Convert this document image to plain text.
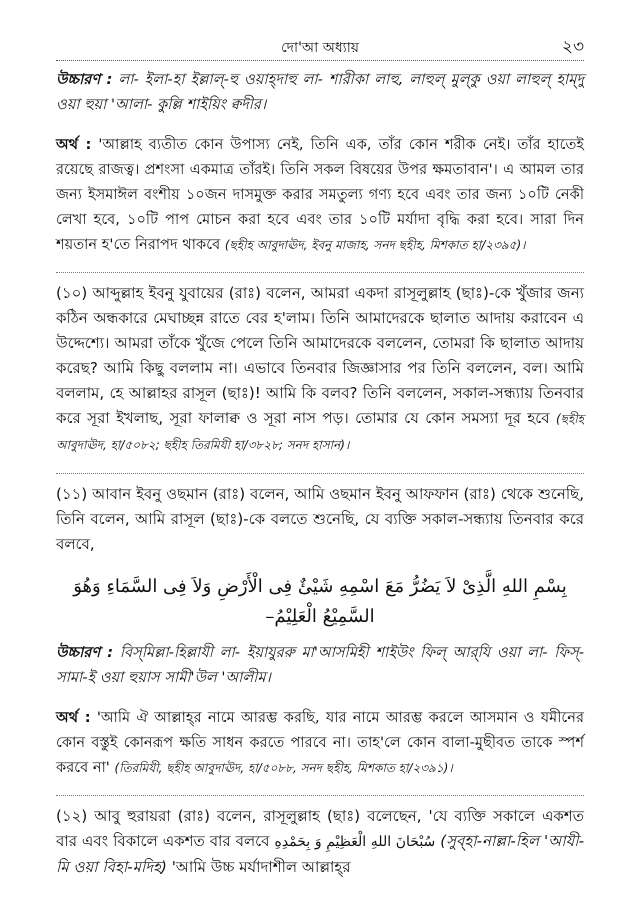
দো'আ অধ্যায়	২৩

উচ্চারণ : লা- ইলা-হা ইল্লাল্-হু ওয়াহ্‌দাহু লা- শারীকা লাহু, লাহুল্ মুল্‌কু ওয়া লাহুল্ হাম্‌দু ওয়া হুয়া 'আলা- কুল্লি শাইয়িং ক্বদীর।

অর্থ : 'আল্লাহ ব্যতীত কোন উপাস্য নেই, তিনি এক, তাঁর কোন শরীক নেই। তাঁর হাতেই রয়েছে রাজত্ব। প্রশংসা একমাত্র তাঁরই। তিনি সকল বিষয়ের উপর ক্ষমতাবান'। এ আমল তার জন্য ইসমাঈল বংশীয় ১০জন দাসমুক্ত করার সমতুল্য গণ্য হবে এবং তার জন্য ১০টি নেকী লেখা হবে, ১০টি পাপ মোচন করা হবে এবং তার ১০টি মর্যাদা বৃদ্ধি করা হবে। সারা দিন শয়তান হ'তে নিরাপদ থাকবে (ছহীহ আবুদাঊদ, ইবনু মাজাহ, সনদ ছহীহ, মিশকাত হা/২৩৯৫)।

(১০) আব্দুল্লাহ ইবনু যুবায়ের (রাঃ) বলেন, আমরা একদা রাসূলুল্লাহ (ছাঃ)-কে খুঁজার জন্য কঠিন অন্ধকারে মেঘাচ্ছন্ন রাতে বের হ'লাম। তিনি আমাদেরকে ছালাত আদায় করাবেন এ উদ্দেশ্যে। আমরা তাঁকে খুঁজে পেলে তিনি আমাদেরকে বললেন, তোমরা কি ছালাত আদায় করেছ? আমি কিছু বললাম না। এভাবে তিনবার জিজ্ঞাসার পর তিনি বললেন, বল। আমি বললাম, হে আল্লাহর রাসূল (ছাঃ)! আমি কি বলব? তিনি বললেন, সকাল-সন্ধ্যায় তিনবার করে সূরা ইখলাছ, সূরা ফালাক্ব ও সূরা নাস পড়। তোমার যে কোন সমস্যা দূর হবে (ছহীহ আবুদাঊদ, হা/৫০৮২; ছহীহ তিরমিযী হা/৩৮২৮; সনদ হাসান)।

(১১) আবান ইবনু ওছমান (রাঃ) বলেন, আমি ওছমান ইবনু আফফান (রাঃ) থেকে শুনেছি, তিনি বলেন, আমি রাসূল (ছাঃ)-কে বলতে শুনেছি, যে ব্যক্তি সকাল-সন্ধ্যায় তিনবার করে বলবে,

بِسْمِ اللهِ الَّذِىْ لاَ يَضُرُّ مَعَ اسْمِهِ شَيْئٌ فِى الْأَرْضِ وَلاَ فِى السَّمَاءِ وَهُوَ السَّمِيْعُ الْعَلِيْمُ–

উচ্চারণ : বিস্‌মিল্লা-হিল্লাযী লা- ইয়াযুররু মা'আসমিহী শাইউং ফিল্ আর্‌যি ওয়া লা- ফিস্-সামা-ই ওয়া হুয়াস সামী'উল 'আলীম।

অর্থ : 'আমি ঐ আল্লাহ্‌র নামে আরম্ভ করছি, যার নামে আরম্ভ করলে আসমান ও যমীনের কোন বস্তুই কোনরূপ ক্ষতি সাধন করতে পারবে না। তাহ'লে কোন বালা-মুছীবত তাকে স্পর্শ করবে না' (তিরমিযী, ছহীহ আবুদাঊদ, হা/৫০৮৮, সনদ ছহীহ, মিশকাত হা/২৩৯১)।

(১২) আবু হুরায়রা (রাঃ) বলেন, রাসূলুল্লাহ (ছাঃ) বলেছেন, 'যে ব্যক্তি সকালে একশত বার এবং বিকালে একশত বার বলবে سُبْحَانَ اللهِ الْعَظِيْمِ وَ بِحَمْدِهِ (সুব্‌হা-নাল্লা-হিল 'আযী-মি ওয়া বিহা-মদিহ) 'আমি উচ্চ মর্যাদাশীল আল্লাহ্‌র
